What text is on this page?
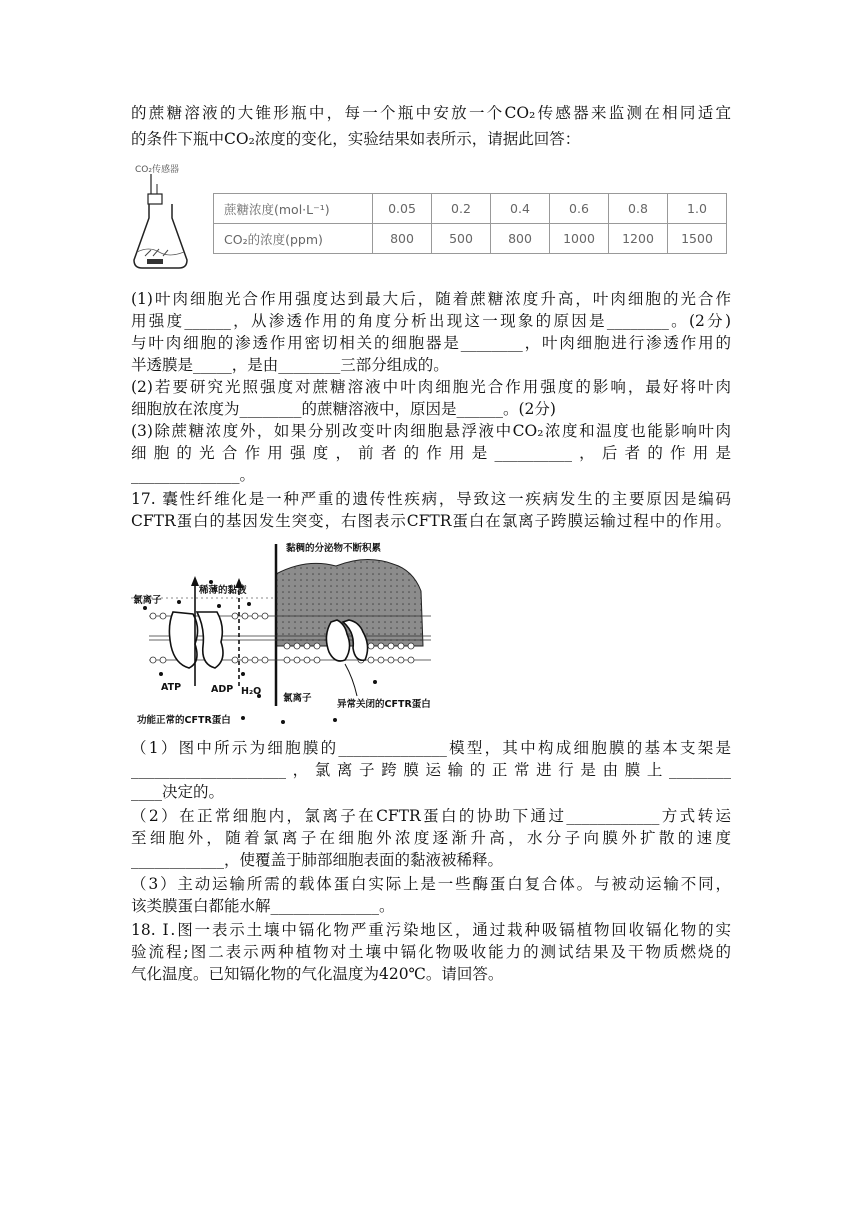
的蔗糖溶液的大锥形瓶中，每一个瓶中安放一个CO₂传感器来监测在相同适宜
的条件下瓶中CO₂浓度的变化，实验结果如表所示，请据此回答：
CO₂传感器
蔗糖浓度(mol·L⁻¹)	0.05	0.2	0.4	0.6	0.8	1.0
CO₂的浓度(ppm)	800	500	800	1000	1200	1500
(1)叶肉细胞光合作用强度达到最大后，随着蔗糖浓度升高，叶肉细胞的光合作
用强度______，从渗透作用的角度分析出现这一现象的原因是________。(2分)
与叶肉细胞的渗透作用密切相关的细胞器是________，叶肉细胞进行渗透作用的
半透膜是_____，是由________三部分组成的。
(2)若要研究光照强度对蔗糖溶液中叶肉细胞光合作用强度的影响，最好将叶肉
细胞放在浓度为________的蔗糖溶液中，原因是______。(2分)
(3)除蔗糖浓度外，如果分别改变叶肉细胞悬浮液中CO₂浓度和温度也能影响叶肉
细胞的光合作用强度，前者的作用是__________，后者的作用是
______________。
17. 囊性纤维化是一种严重的遗传性疾病，导致这一疾病发生的主要原因是编码
CFTR蛋白的基因发生突变，右图表示CFTR蛋白在氯离子跨膜运输过程中的作用。
黏稠的分泌物不断积累
稀薄的黏液
氯离子
ATP	ADP H₂O
氯离子
功能正常的CFTR蛋白
异常关闭的CFTR蛋白
（1）图中所示为细胞膜的______________模型，其中构成细胞膜的基本支架是
____________________，氯离子跨膜运输的正常进行是由膜上________
____决定的。
（2）在正常细胞内，氯离子在CFTR蛋白的协助下通过____________方式转运
至细胞外，随着氯离子在细胞外浓度逐渐升高，水分子向膜外扩散的速度
____________，使覆盖于肺部细胞表面的黏液被稀释。
（3）主动运输所需的载体蛋白实际上是一些酶蛋白复合体。与被动运输不同，
该类膜蛋白都能水解______________。
18. Ⅰ.图一表示土壤中镉化物严重污染地区，通过栽种吸镉植物回收镉化物的实
验流程;图二表示两种植物对土壤中镉化物吸收能力的测试结果及干物质燃烧的
气化温度。已知镉化物的气化温度为420℃。请回答。
